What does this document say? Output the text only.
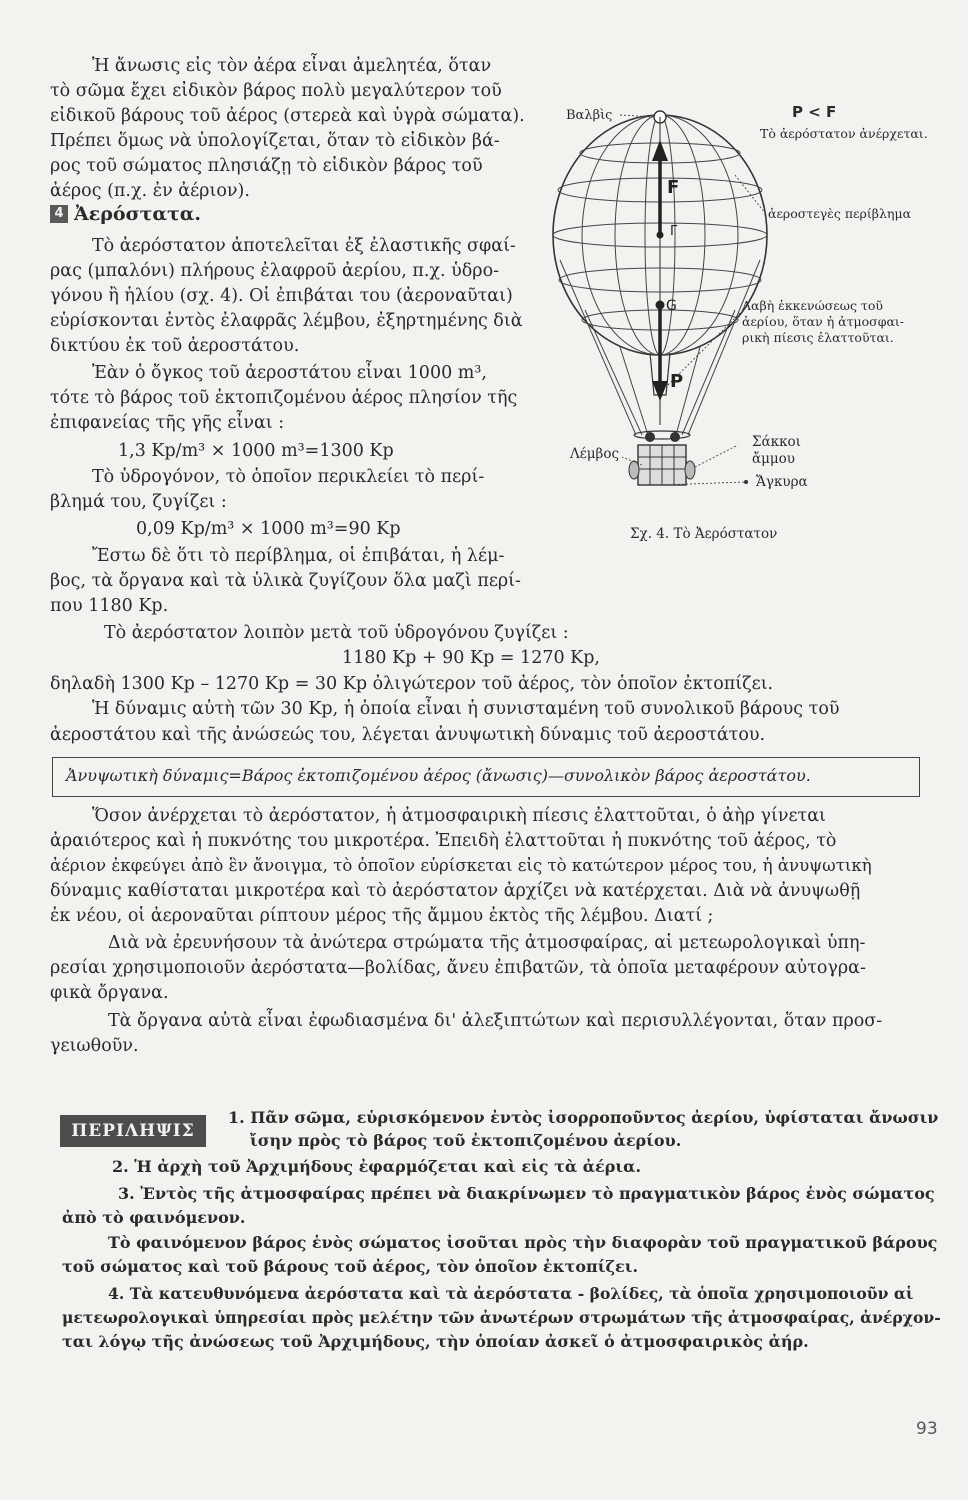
Ἡ ἄνωσις εἰς τὸν ἀέρα εἶναι ἀμελητέα, ὅταν
τὸ σῶμα ἔχει εἰδικὸν βάρος πολὺ μεγαλύτερον τοῦ
εἰδικοῦ βάρους τοῦ ἀέρος (στερεὰ καὶ ὑγρὰ σώματα).
Πρέπει ὅμως νὰ ὑπολογίζεται, ὅταν τὸ εἰδικὸν βά-
ρος τοῦ σώματος πλησιάζῃ τὸ εἰδικὸν βάρος τοῦ
ἀέρος (π.χ. ἐν ἀέριον).
4 Ἀερόστατα.
Τὸ ἀερόστατον ἀποτελεῖται ἐξ ἐλαστικῆς σφαί-
ρας (μπαλόνι) πλήρους ἐλαφροῦ ἀερίου, π.χ. ὑδρο-
γόνου ἢ ἡλίου (σχ. 4). Οἱ ἐπιβάται του (ἀεροναῦται)
εὑρίσκονται ἐντὸς ἐλαφρᾶς λέμβου, ἐξηρτημένης διὰ
δικτύου ἐκ τοῦ ἀεροστάτου.
Ἐὰν ὁ ὄγκος τοῦ ἀεροστάτου εἶναι 1000 m³,
τότε τὸ βάρος τοῦ ἐκτοπιζομένου ἀέρος πλησίον τῆς
ἐπιφανείας τῆς γῆς εἶναι :
1,3 Kp/m³ × 1000 m³=1300 Kp
Τὸ ὑδρογόνον, τὸ ὁποῖον περικλείει τὸ περί-
βλημά του, ζυγίζει :
0,09 Kp/m³ × 1000 m³=90 Kp
Ἔστω δὲ ὅτι τὸ περίβλημα, οἱ ἐπιβάται, ἡ λέμ-
βος, τὰ ὄργανα καὶ τὰ ὑλικὰ ζυγίζουν ὅλα μαζὶ περί-
που 1180 Kp.
Τὸ ἀερόστατον λοιπὸν μετὰ τοῦ ὑδρογόνου ζυγίζει :
1180 Kp + 90 Kp = 1270 Kp,
δηλαδὴ 1300 Kp – 1270 Kp = 30 Kp ὀλιγώτερον τοῦ ἀέρος, τὸν ὁποῖον ἐκτοπίζει.
Ἡ δύναμις αὐτὴ τῶν 30 Kp, ἡ ὁποία εἶναι ἡ συνισταμένη τοῦ συνολικοῦ βάρους τοῦ
ἀεροστάτου καὶ τῆς ἀνώσεώς του, λέγεται ἀνυψωτικὴ δύναμις τοῦ ἀεροστάτου.
Ἀνυψωτικὴ δύναμις=Βάρος ἐκτοπιζομένου ἀέρος (ἄνωσις)—συνολικὸν βάρος ἀεροστάτου.
Ὅσον ἀνέρχεται τὸ ἀερόστατον, ἡ ἀτμοσφαιρικὴ πίεσις ἐλαττοῦται, ὁ ἀὴρ γίνεται
ἀραιότερος καὶ ἡ πυκνότης του μικροτέρα. Ἐπειδὴ ἐλαττοῦται ἡ πυκνότης τοῦ ἀέρος, τὸ
ἀέριον ἐκφεύγει ἀπὸ ἓν ἄνοιγμα, τὸ ὁποῖον εὑρίσκεται εἰς τὸ κατώτερον μέρος του, ἡ ἀνυψωτικὴ
δύναμις καθίσταται μικροτέρα καὶ τὸ ἀερόστατον ἀρχίζει νὰ κατέρχεται. Διὰ νὰ ἀνυψωθῇ
ἐκ νέου, οἱ ἀεροναῦται ρίπτουν μέρος τῆς ἄμμου ἐκτὸς τῆς λέμβου. Διατί ;
Διὰ νὰ ἐρευνήσουν τὰ ἀνώτερα στρώματα τῆς ἀτμοσφαίρας, αἱ μετεωρολογικαὶ ὑπη-
ρεσίαι χρησιμοποιοῦν ἀερόστατα—βολίδας, ἄνευ ἐπιβατῶν, τὰ ὁποῖα μεταφέρουν αὐτογρα-
φικὰ ὄργανα.
Τὰ ὄργανα αὐτὰ εἶναι ἐφωδιασμένα δι' ἀλεξιπτώτων καὶ περισυλλέγονται, ὅταν προσ-
γειωθοῦν.
ΠΕΡΙΛΗΨΙΣ
1. Πᾶν σῶμα, εὑρισκόμενον ἐντὸς ἰσορροποῦντος ἀερίου, ὑφίσταται ἄνωσιν
ἴσην πρὸς τὸ βάρος τοῦ ἐκτοπιζομένου ἀερίου.
2. Ἡ ἀρχὴ τοῦ Ἀρχιμήδους ἐφαρμόζεται καὶ εἰς τὰ ἀέρια.
3. Ἐντὸς τῆς ἀτμοσφαίρας πρέπει νὰ διακρίνωμεν τὸ πραγματικὸν βάρος ἑνὸς σώματος
ἀπὸ τὸ φαινόμενον.
Τὸ φαινόμενον βάρος ἑνὸς σώματος ἰσοῦται πρὸς τὴν διαφορὰν τοῦ πραγματικοῦ βάρους
τοῦ σώματος καὶ τοῦ βάρους τοῦ ἀέρος, τὸν ὁποῖον ἐκτοπίζει.
4. Τὰ κατευθυνόμενα ἀερόστατα καὶ τὰ ἀερόστατα - βολίδες, τὰ ὁποῖα χρησιμοποιοῦν αἱ
μετεωρολογικαὶ ὑπηρεσίαι πρὸς μελέτην τῶν ἀνωτέρων στρωμάτων τῆς ἀτμοσφαίρας, ἀνέρχον-
ται λόγῳ τῆς ἀνώσεως τοῦ Ἀρχιμήδους, τὴν ὁποίαν ἀσκεῖ ὁ ἀτμοσφαιρικὸς ἀήρ.
93
F
Γ
G
P
Βαλβὶς	P < F
Τὸ ἀερόστατον ἀνέρχεται.
ἀεροστεγὲς περίβλημα
Λαβὴ ἐκκενώσεως τοῦ
ἀερίου, ὅταν ἡ ἀτμοσφαι-
ρικὴ πίεσις ἐλαττοῦται.
Σάκκοι
ἄμμου
Ἄγκυρα
Λέμβος
Σχ. 4. Τὸ Ἀερόστατον
